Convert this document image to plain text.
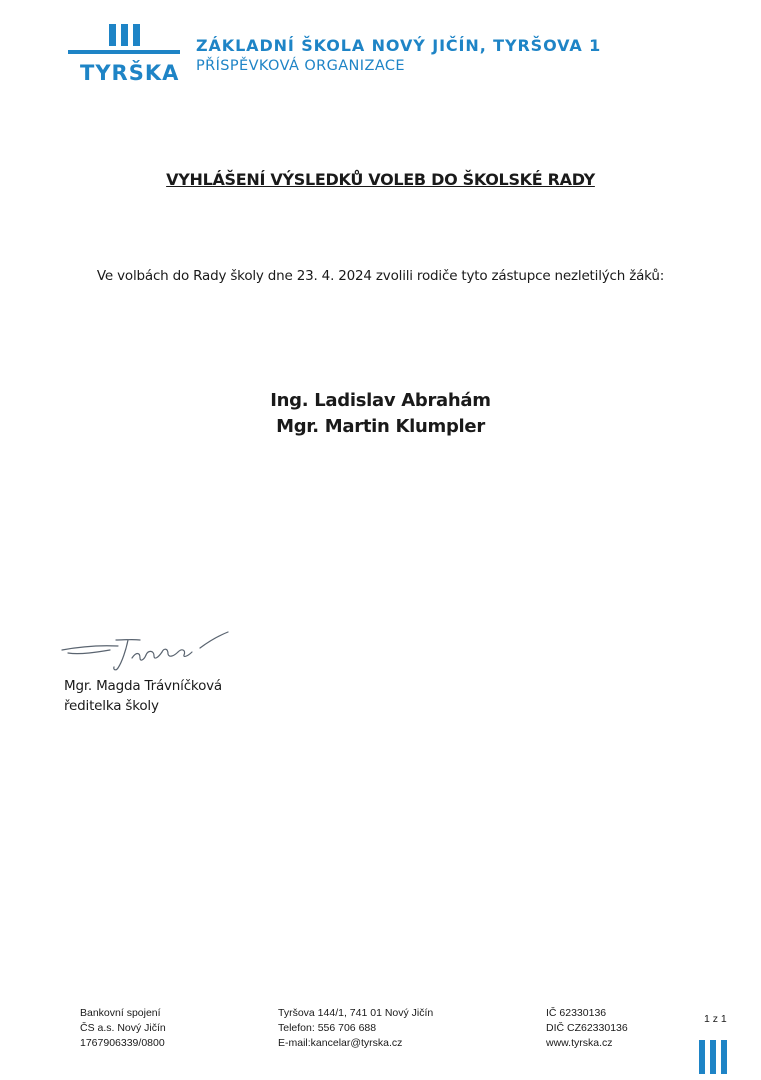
TYRŠKA
ZÁKLADNÍ ŠKOLA NOVÝ JIČÍN, TYRŠOVA 1
PŘÍSPĚVKOVÁ ORGANIZACE
VYHLÁŠENÍ VÝSLEDKŮ VOLEB DO ŠKOLSKÉ RADY
Ve volbách do Rady školy dne 23. 4. 2024 zvolili rodiče tyto zástupce nezletilých žáků:
Ing. Ladislav Abrahám
Mgr. Martin Klumpler
Mgr. Magda Trávníčková
ředitelka školy
Bankovní spojení
ČS a.s. Nový Jičín
1767906339/0800
Tyršova 144/1, 741 01 Nový Jičín
Telefon: 556 706 688
E-mail:kancelar@tyrska.cz
IČ 62330136
DIČ CZ62330136
www.tyrska.cz
1 z 1
